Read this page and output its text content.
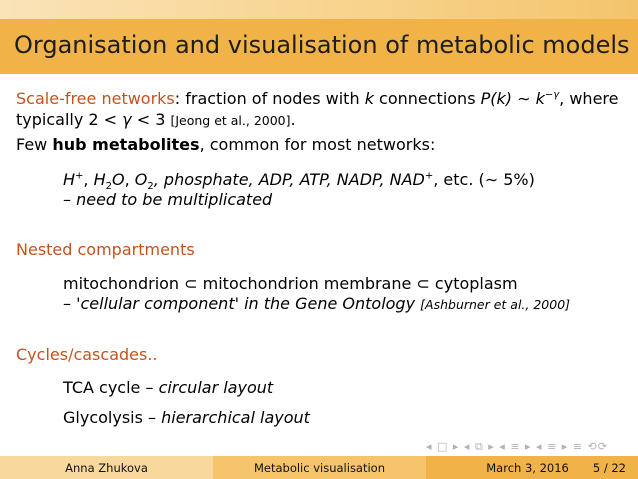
Organisation and visualisation of metabolic models
Scale-free networks: fraction of nodes with k connections P(k) ∼ $k^{-\gamma}$, where
typically 2 < γ < 3 [Jeong et al., 2000].
Few hub metabolites, common for most networks:
H+, $H_2O$, $O_2$, phosphate, ADP, ATP, NADP, NAD+, etc. (∼ 5%)
– need to be multiplicated
Nested compartments
mitochondrion ⊂ mitochondrion membrane ⊂ cytoplasm
– 'cellular component' in the Gene Ontology [Ashburner et al., 2000]
Cycles/cascades..
TCA cycle – circular layout
Glycolysis – hierarchical layout
◂ □ ▸ ◂ ⧉ ▸ ◂ ≡ ▸ ◂ ≡ ▸ ≡ ⟲⟳
Anna Zhukova	Metabolic visualisation	March 3, 2016 5 / 22
